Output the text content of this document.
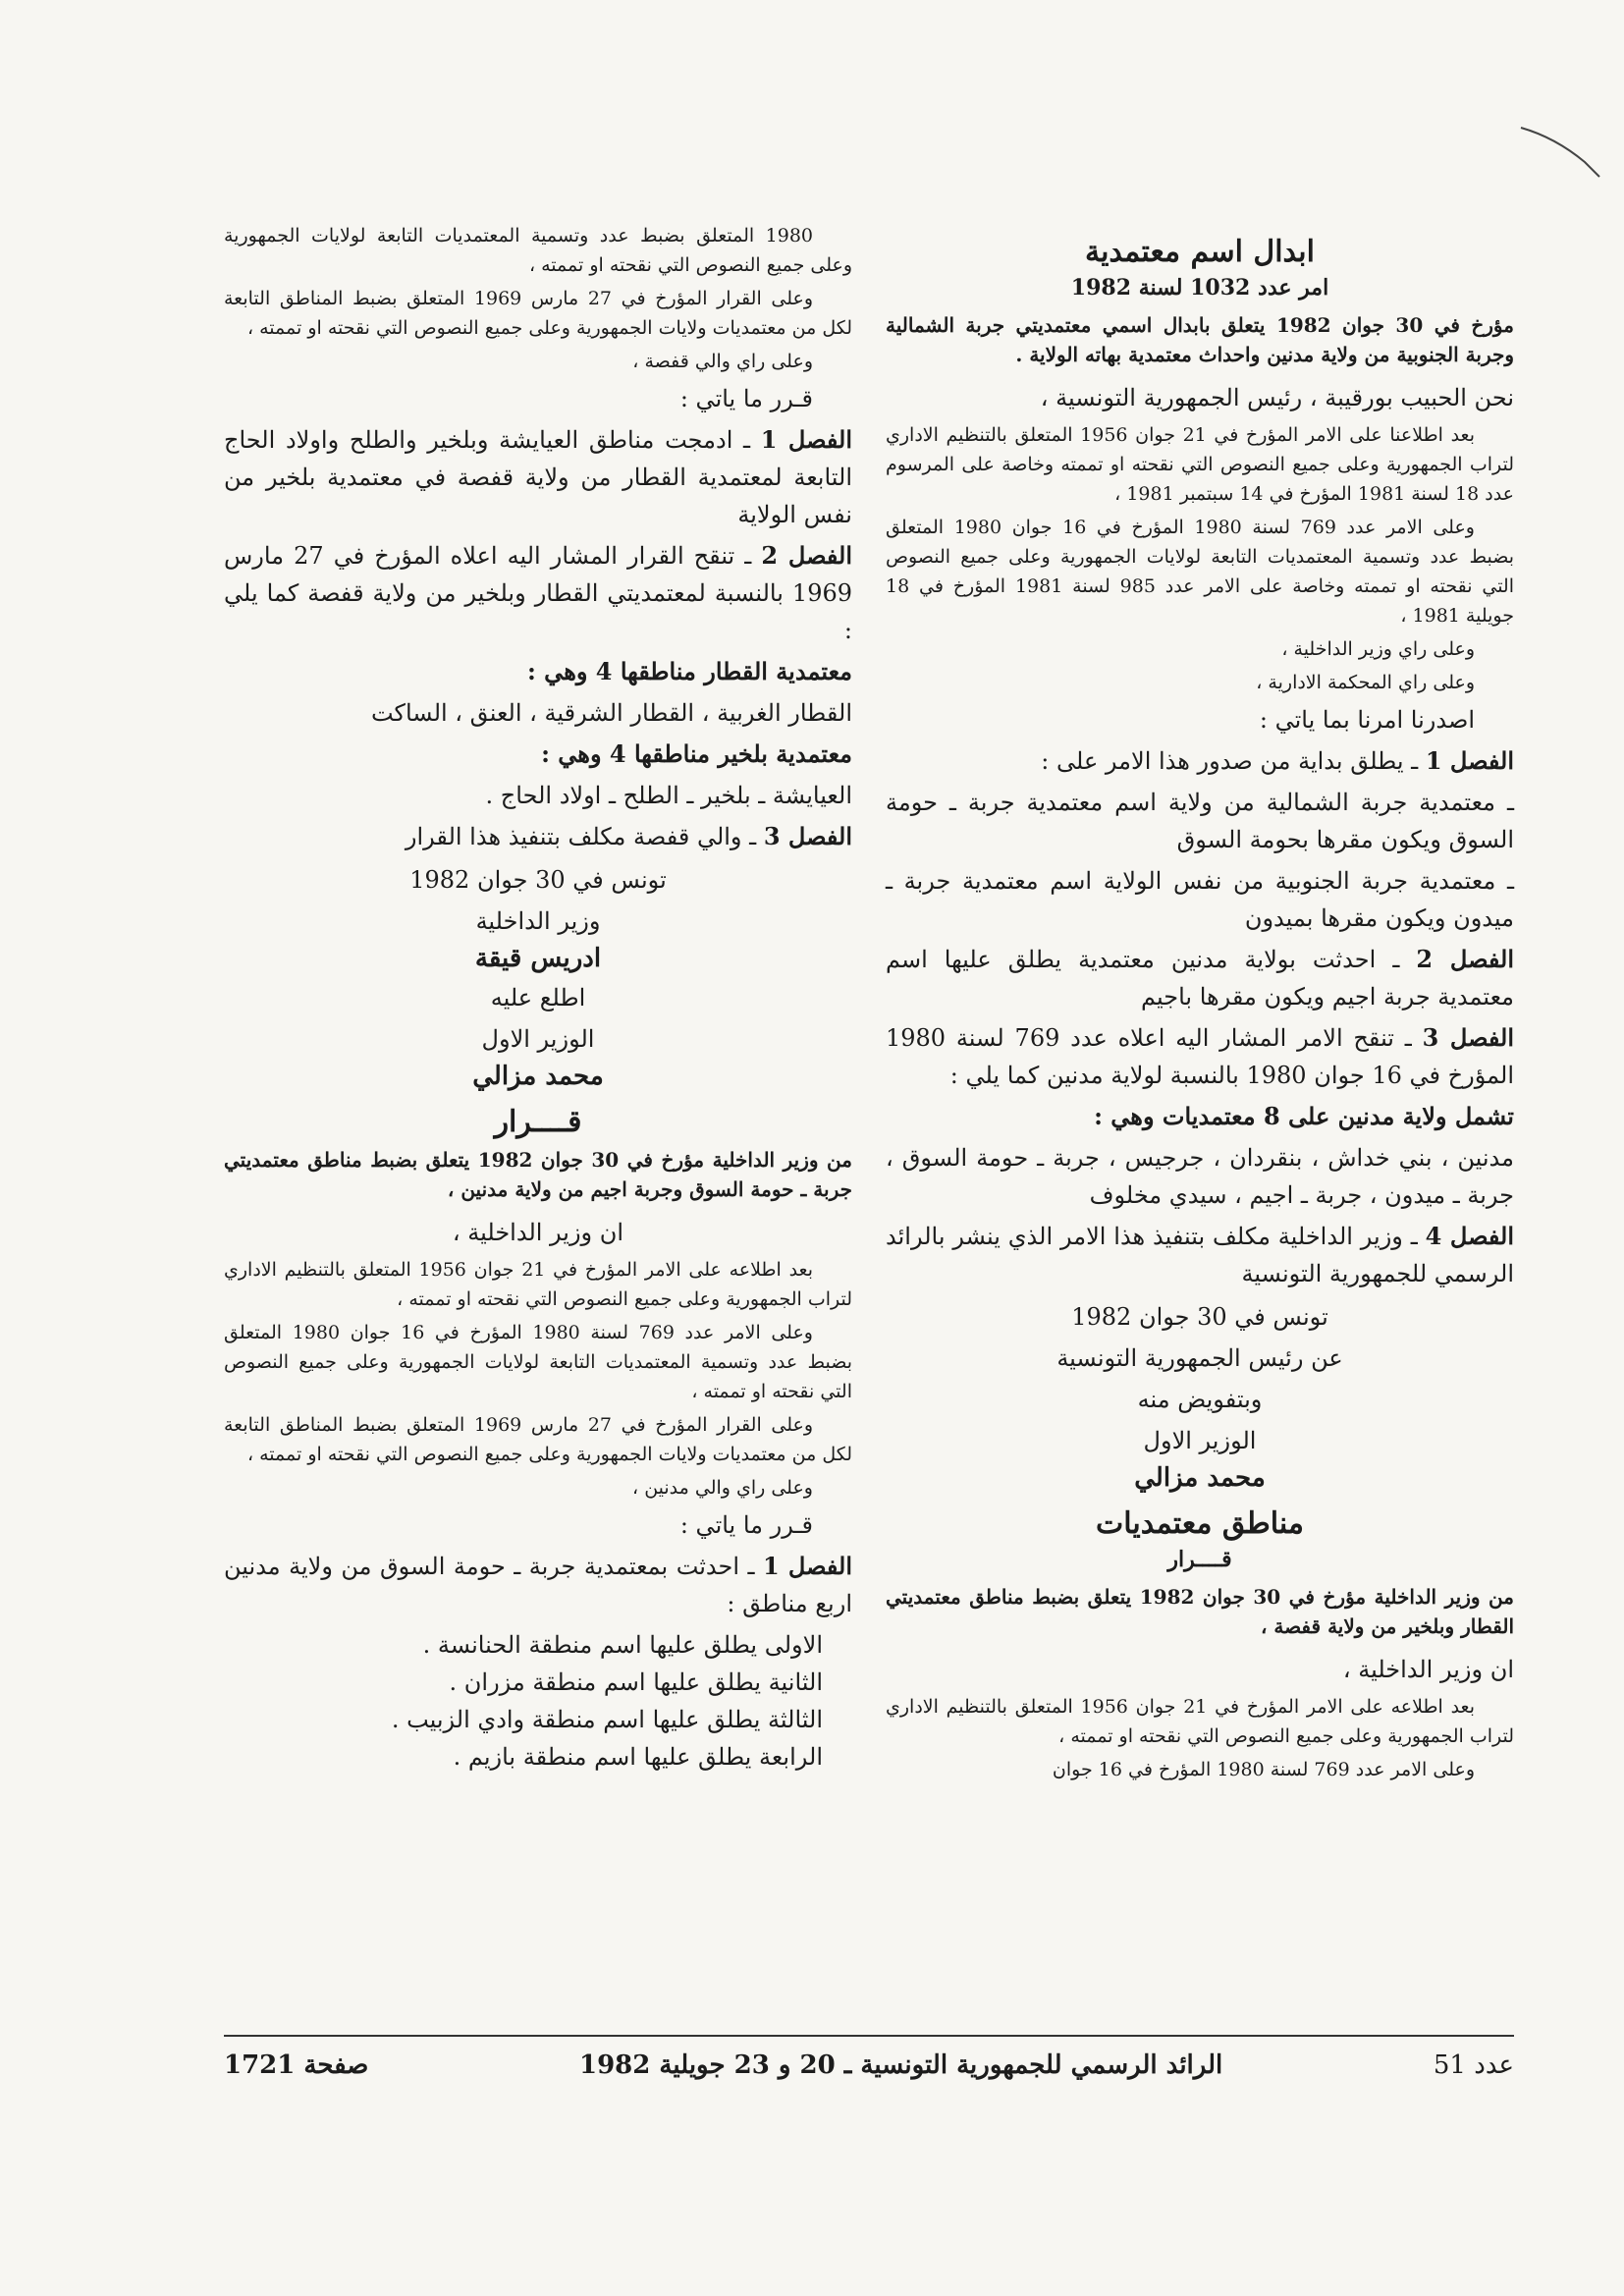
ابدال اسم معتمدية
امر عدد 1032 لسنة 1982
مؤرخ في 30 جوان 1982 يتعلق بابدال اسمي معتمديتي جربة الشمالية وجربة الجنوبية من ولاية مدنين واحداث معتمدية بهاته الولاية .
نحن الحبيب بورقيبة ، رئيس الجمهورية التونسية ،
بعد اطلاعنا على الامر المؤرخ في 21 جوان 1956 المتعلق بالتنظيم الاداري لتراب الجمهورية وعلى جميع النصوص التي نقحته او تممته وخاصة على المرسوم عدد 18 لسنة 1981 المؤرخ في 14 سبتمبر 1981 ،
وعلى الامر عدد 769 لسنة 1980 المؤرخ في 16 جوان 1980 المتعلق بضبط عدد وتسمية المعتمديات التابعة لولايات الجمهورية وعلى جميع النصوص التي نقحته او تممته وخاصة على الامر عدد 985 لسنة 1981 المؤرخ في 18 جويلية 1981 ،
وعلى راي وزير الداخلية ،
وعلى راي المحكمة الادارية ،
اصدرنا امرنا بما ياتي :
الفصل 1 ـ يطلق بداية من صدور هذا الامر على :
ـ معتمدية جربة الشمالية من ولاية اسم معتمدية جربة ـ حومة السوق ويكون مقرها بحومة السوق
ـ معتمدية جربة الجنوبية من نفس الولاية اسم معتمدية جربة ـ ميدون ويكون مقرها بميدون
الفصل 2 ـ احدثت بولاية مدنين معتمدية يطلق عليها اسم معتمدية جربة اجيم ويكون مقرها باجيم
الفصل 3 ـ تنقح الامر المشار اليه اعلاه عدد 769 لسنة 1980 المؤرخ في 16 جوان 1980 بالنسبة لولاية مدنين كما يلي :
تشمل ولاية مدنين على 8 معتمديات وهي :
مدنين ، بني خداش ، بنقردان ، جرجيس ، جربة ـ حومة السوق ، جربة ـ ميدون ، جربة ـ اجيم ، سيدي مخلوف
الفصل 4 ـ وزير الداخلية مكلف بتنفيذ هذا الامر الذي ينشر بالرائد الرسمي للجمهورية التونسية
تونس في 30 جوان 1982
عن رئيس الجمهورية التونسية
وبتفويض منه
الوزير الاول
محمد مزالي
مناطق معتمديات
قــــرار
من وزير الداخلية مؤرخ في 30 جوان 1982 يتعلق بضبط مناطق معتمديتي القطار وبلخير من ولاية قفصة ،
ان وزير الداخلية ،
بعد اطلاعه على الامر المؤرخ في 21 جوان 1956 المتعلق بالتنظيم الاداري لتراب الجمهورية وعلى جميع النصوص التي نقحته او تممته ،
وعلى الامر عدد 769 لسنة 1980 المؤرخ في 16 جوان
1980 المتعلق بضبط عدد وتسمية المعتمديات التابعة لولايات الجمهورية وعلى جميع النصوص التي نقحته او تممته ،
وعلى القرار المؤرخ في 27 مارس 1969 المتعلق بضبط المناطق التابعة لكل من معتمديات ولايات الجمهورية وعلى جميع النصوص التي نقحته او تممته ،
وعلى راي والي قفصة ،
قـرر ما ياتي :
الفصل 1 ـ ادمجت مناطق العيايشة وبلخير والطلح واولاد الحاج التابعة لمعتمدية القطار من ولاية قفصة في معتمدية بلخير من نفس الولاية
الفصل 2 ـ تنقح القرار المشار اليه اعلاه المؤرخ في 27 مارس 1969 بالنسبة لمعتمديتي القطار وبلخير من ولاية قفصة كما يلي :
معتمدية القطار مناطقها 4 وهي :
القطار الغربية ، القطار الشرقية ، العنق ، الساكت
معتمدية بلخير مناطقها 4 وهي :
العيايشة ـ بلخير ـ الطلح ـ اولاد الحاج .
الفصل 3 ـ والي قفصة مكلف بتنفيذ هذا القرار
تونس في 30 جوان 1982
وزير الداخلية
ادريس قيقة
اطلع عليه
الوزير الاول
محمد مزالي
قــــرار
من وزير الداخلية مؤرخ في 30 جوان 1982 يتعلق بضبط مناطق معتمديتي جربة ـ حومة السوق وجربة اجيم من ولاية مدنين ،
ان وزير الداخلية ،
بعد اطلاعه على الامر المؤرخ في 21 جوان 1956 المتعلق بالتنظيم الاداري لتراب الجمهورية وعلى جميع النصوص التي نقحته او تممته ،
وعلى الامر عدد 769 لسنة 1980 المؤرخ في 16 جوان 1980 المتعلق بضبط عدد وتسمية المعتمديات التابعة لولايات الجمهورية وعلى جميع النصوص التي نقحته او تممته ،
وعلى القرار المؤرخ في 27 مارس 1969 المتعلق بضبط المناطق التابعة لكل من معتمديات ولايات الجمهورية وعلى جميع النصوص التي نقحته او تممته ،
وعلى راي والي مدنين ،
قـرر ما ياتي :
الفصل 1 ـ احدثت بمعتمدية جربة ـ حومة السوق من ولاية مدنين اربع مناطق :
الاولى يطلق عليها اسم منطقة الحنانسة .
الثانية يطلق عليها اسم منطقة مزران .
الثالثة يطلق عليها اسم منطقة وادي الزبيب .
الرابعة يطلق عليها اسم منطقة بازيم .
عدد 51
الرائد الرسمي للجمهورية التونسية ـ 20 و 23 جويلية 1982
صفحة 1721
